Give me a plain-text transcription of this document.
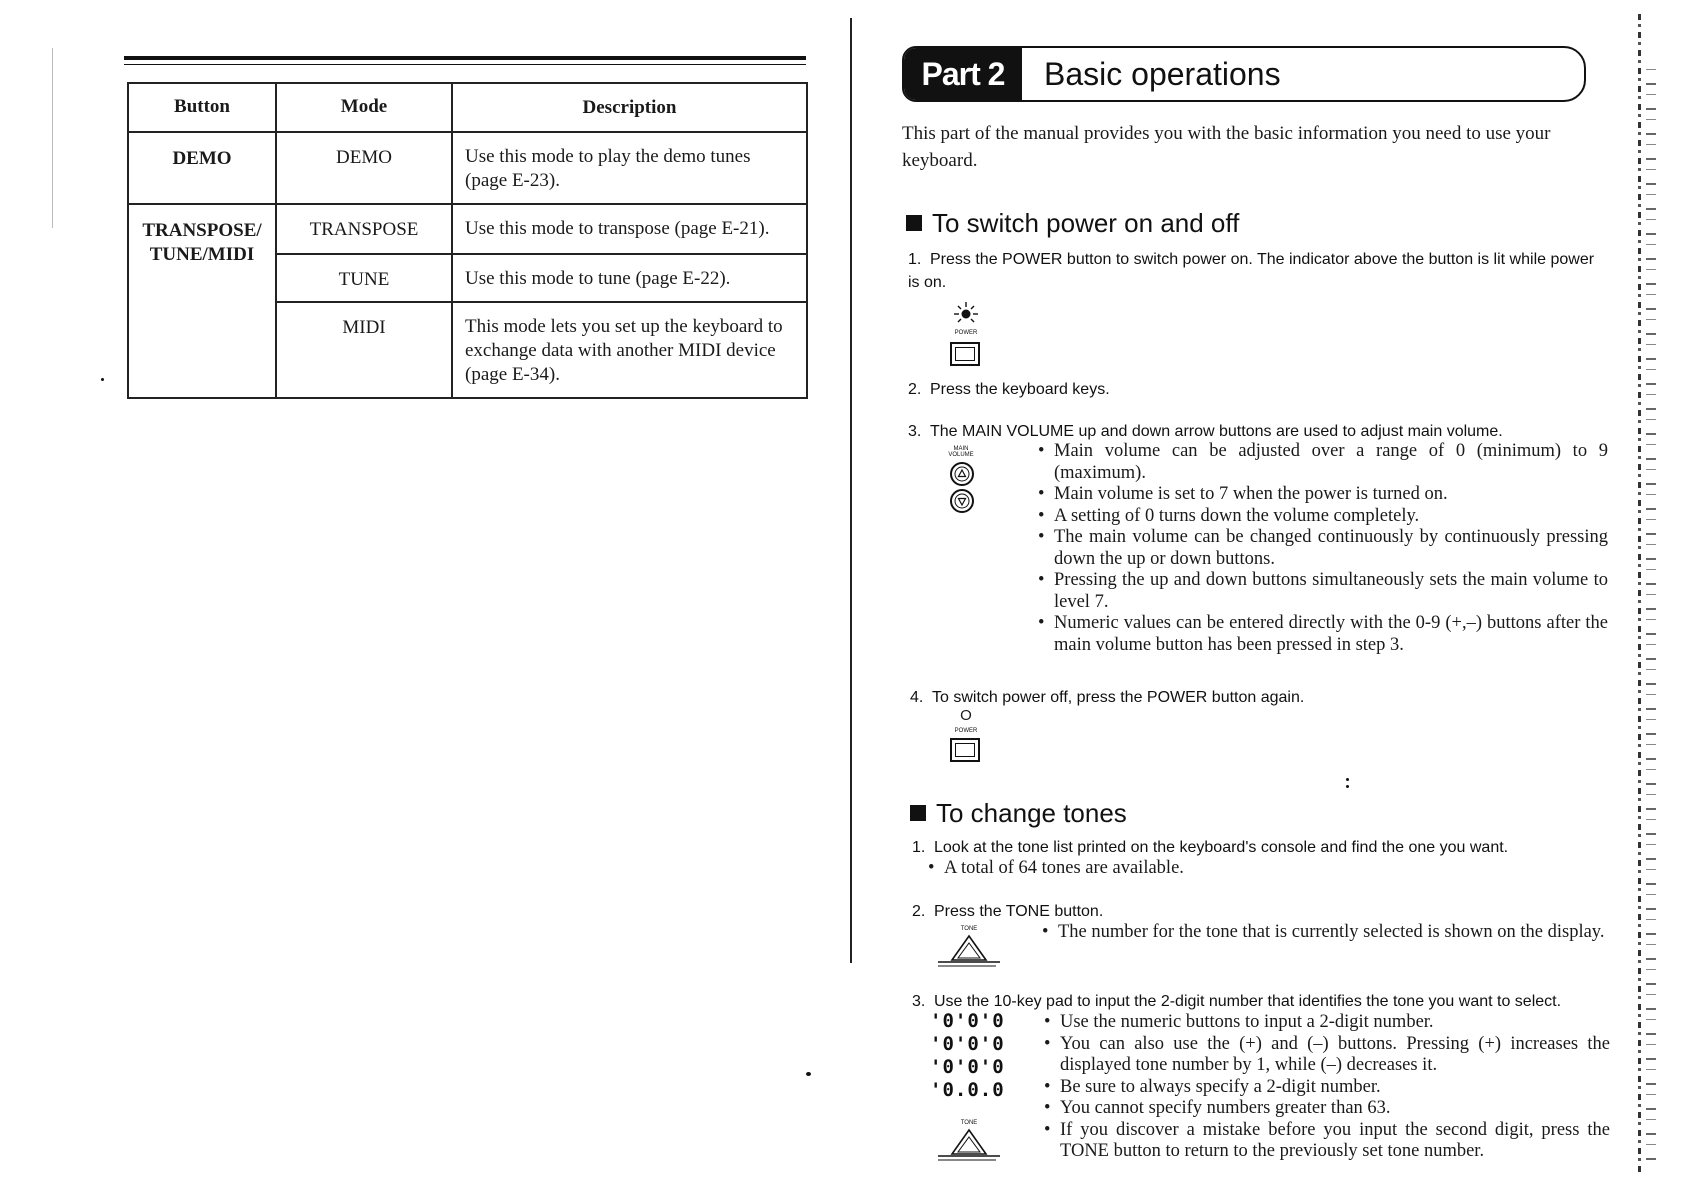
Button	Mode	Description
DEMO	DEMO	Use this mode to play the demo tunes (page E-23).
TRANSPOSE/ TUNE/MIDI	TRANSPOSE	Use this mode to transpose (page E-21).
	TUNE	Use this mode to tune (page E-22).
	MIDI	This mode lets you set up the keyboard to exchange data with another MIDI device (page E-34).
Part 2	Basic operations
This part of the manual provides you with the basic information you need to use your keyboard.
To switch power on and off
1. Press the POWER button to switch power on. The indicator above the button is lit while power is on.
POWER
2. Press the keyboard keys.
3. The MAIN VOLUME up and down arrow buttons are used to adjust main volume.
MAIN VOLUME	• Main volume can be adjusted over a range of 0 (minimum) to 9 (maximum).

• Main volume is set to 7 when the power is turned on.

• A setting of 0 turns down the volume completely.

• The main volume can be changed continuously by continuously pressing down the up or down buttons.

• Pressing the up and down buttons simultaneously sets the main volume to level 7.

• Numeric values can be entered directly with the 0-9 (+,–) buttons after the main volume button has been pressed in step 3.

4. To switch power off, press the POWER button again.
O
POWER
To change tones
1. Look at the tone list printed on the keyboard's console and find the one you want.

• A total of 64 tones are available.

2. Press the TONE button.
TONE	• The number for the tone that is currently selected is shown on the display.

3. Use the 10-key pad to input the 2-digit number that identifies the tone you want to select.
'0'0'0
'0'0'0
'0'0'0
'0.0.0
TONE

• Use the numeric buttons to input a 2-digit number.

• You can also use the (+) and (–) buttons. Pressing (+) increases the displayed tone number by 1, while (–) decreases it.

• Be sure to always specify a 2-digit number.

• You cannot specify numbers greater than 63.

• If you discover a mistake before you input the second digit, press the TONE button to return to the previously set tone number.
